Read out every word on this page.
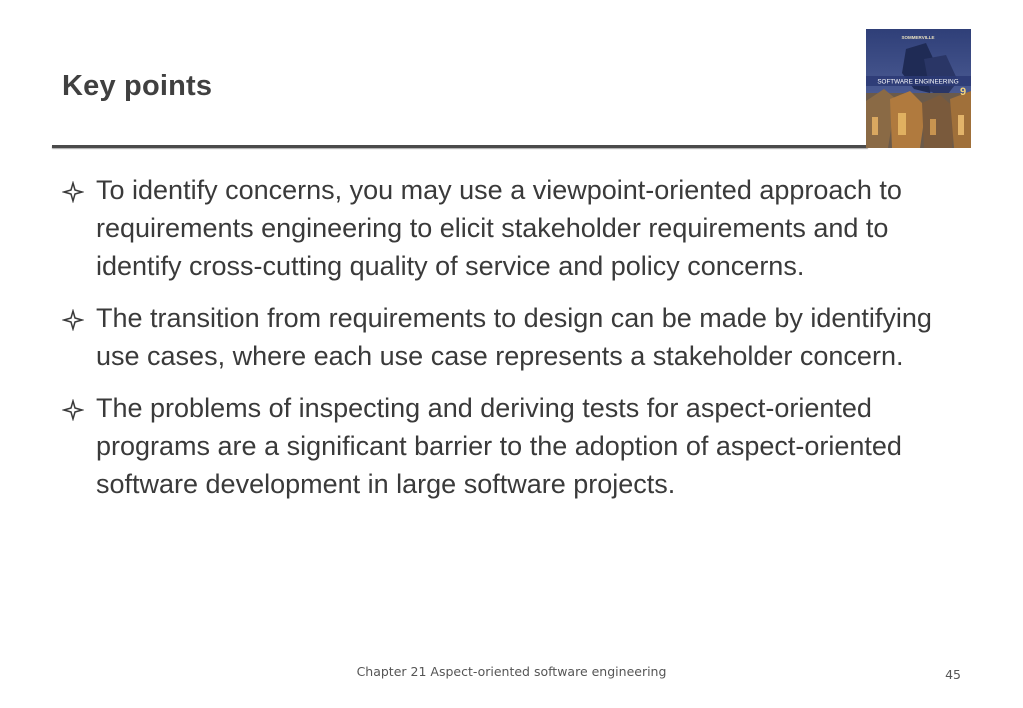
Key points	SOFTWARE ENGINEERING
SOMMERVILLE
9
To identify concerns, you may use a viewpoint-oriented approach to requirements engineering to elicit stakeholder requirements and to identify cross-cutting quality of service and policy concerns.
The transition from requirements to design can be made by identifying use cases, where each use case represents a stakeholder concern.
The problems of inspecting and deriving tests for aspect-oriented programs are a significant barrier to the adoption of aspect-oriented software development in large software projects.
Chapter 21 Aspect-oriented software engineering	45
